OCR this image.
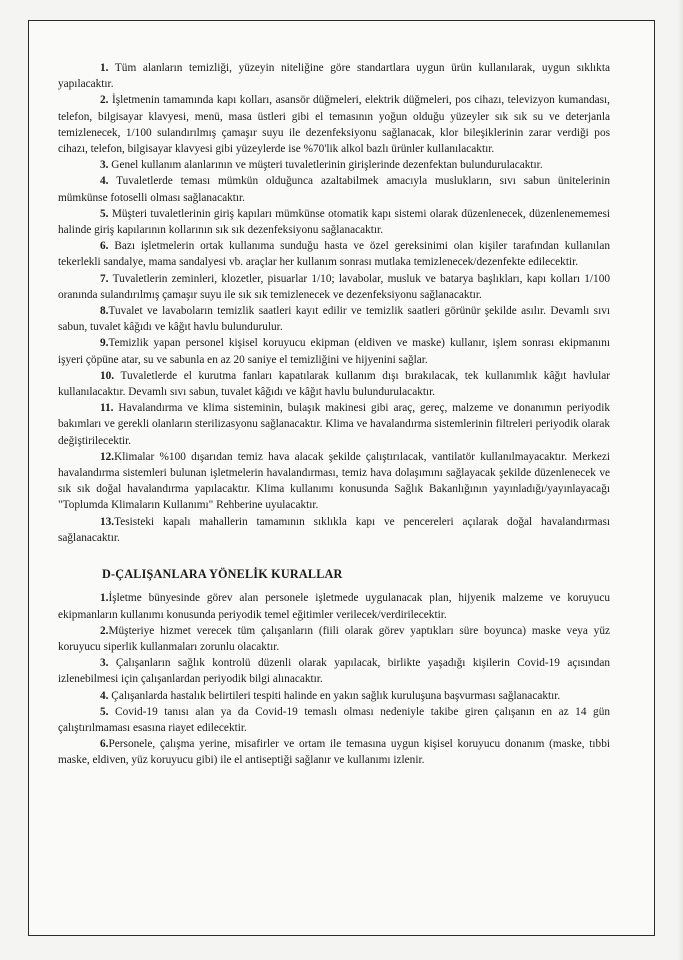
1. Tüm alanların temizliği, yüzeyin niteliğine göre standartlara uygun ürün kullanılarak, uygun sıklıkta yapılacaktır.

2. İşletmenin tamamında kapı kolları, asansör düğmeleri, elektrik düğmeleri, pos cihazı, televizyon kumandası, telefon, bilgisayar klavyesi, menü, masa üstleri gibi el temasının yoğun olduğu yüzeyler sık sık su ve deterjanla temizlenecek, 1/100 sulandırılmış çamaşır suyu ile dezenfeksiyonu sağlanacak, klor bileşiklerinin zarar verdiği pos cihazı, telefon, bilgisayar klavyesi gibi yüzeylerde ise %70'lik alkol bazlı ürünler kullanılacaktır.

3. Genel kullanım alanlarının ve müşteri tuvaletlerinin girişlerinde dezenfektan bulundurulacaktır.

4. Tuvaletlerde teması mümkün olduğunca azaltabilmek amacıyla muslukların, sıvı sabun ünitelerinin mümkünse fotoselli olması sağlanacaktır.

5. Müşteri tuvaletlerinin giriş kapıları mümkünse otomatik kapı sistemi olarak düzenlenecek, düzenlenememesi halinde giriş kapılarının kollarının sık sık dezenfeksiyonu sağlanacaktır.

6. Bazı işletmelerin ortak kullanıma sunduğu hasta ve özel gereksinimi olan kişiler tarafından kullanılan tekerlekli sandalye, mama sandalyesi vb. araçlar her kullanım sonrası mutlaka temizlenecek/dezenfekte edilecektir.

7. Tuvaletlerin zeminleri, klozetler, pisuarlar 1/10; lavabolar, musluk ve batarya başlıkları, kapı kolları 1/100 oranında sulandırılmış çamaşır suyu ile sık sık temizlenecek ve dezenfeksiyonu sağlanacaktır.

8.Tuvalet ve lavaboların temizlik saatleri kayıt edilir ve temizlik saatleri görünür şekilde asılır. Devamlı sıvı sabun, tuvalet kâğıdı ve kâğıt havlu bulundurulur.

9.Temizlik yapan personel kişisel koruyucu ekipman (eldiven ve maske) kullanır, işlem sonrası ekipmanını işyeri çöpüne atar, su ve sabunla en az 20 saniye el temizliğini ve hijyenini sağlar.

10. Tuvaletlerde el kurutma fanları kapatılarak kullanım dışı bırakılacak, tek kullanımlık kâğıt havlular kullanılacaktır. Devamlı sıvı sabun, tuvalet kâğıdı ve kâğıt havlu bulundurulacaktır.

11. Havalandırma ve klima sisteminin, bulaşık makinesi gibi araç, gereç, malzeme ve donanımın periyodik bakımları ve gerekli olanların sterilizasyonu sağlanacaktır. Klima ve havalandırma sistemlerinin filtreleri periyodik olarak değiştirilecektir.

12.Klimalar %100 dışarıdan temiz hava alacak şekilde çalıştırılacak, vantilatör kullanılmayacaktır. Merkezi havalandırma sistemleri bulunan işletmelerin havalandırması, temiz hava dolaşımını sağlayacak şekilde düzenlenecek ve sık sık doğal havalandırma yapılacaktır. Klima kullanımı konusunda Sağlık Bakanlığının yayınladığı/yayınlayacağı "Toplumda Klimaların Kullanımı" Rehberine uyulacaktır.

13.Tesisteki kapalı mahallerin tamamının sıklıkla kapı ve pencereleri açılarak doğal havalandırması sağlanacaktır.

D-ÇALIŞANLARA YÖNELİK KURALLAR

1.İşletme bünyesinde görev alan personele işletmede uygulanacak plan, hijyenik malzeme ve koruyucu ekipmanların kullanımı konusunda periyodik temel eğitimler verilecek/verdirilecektir.

2.Müşteriye hizmet verecek tüm çalışanların (fiili olarak görev yaptıkları süre boyunca) maske veya yüz koruyucu siperlik kullanmaları zorunlu olacaktır.

3. Çalışanların sağlık kontrolü düzenli olarak yapılacak, birlikte yaşadığı kişilerin Covid-19 açısından izlenebilmesi için çalışanlardan periyodik bilgi alınacaktır.

4. Çalışanlarda hastalık belirtileri tespiti halinde en yakın sağlık kuruluşuna başvurması sağlanacaktır.

5. Covid-19 tanısı alan ya da Covid-19 temaslı olması nedeniyle takibe giren çalışanın en az 14 gün çalıştırılmaması esasına riayet edilecektir.

6.Personele, çalışma yerine, misafirler ve ortam ile temasına uygun kişisel koruyucu donanım (maske, tıbbi maske, eldiven, yüz koruyucu gibi) ile el antiseptiği sağlanır ve kullanımı izlenir.
